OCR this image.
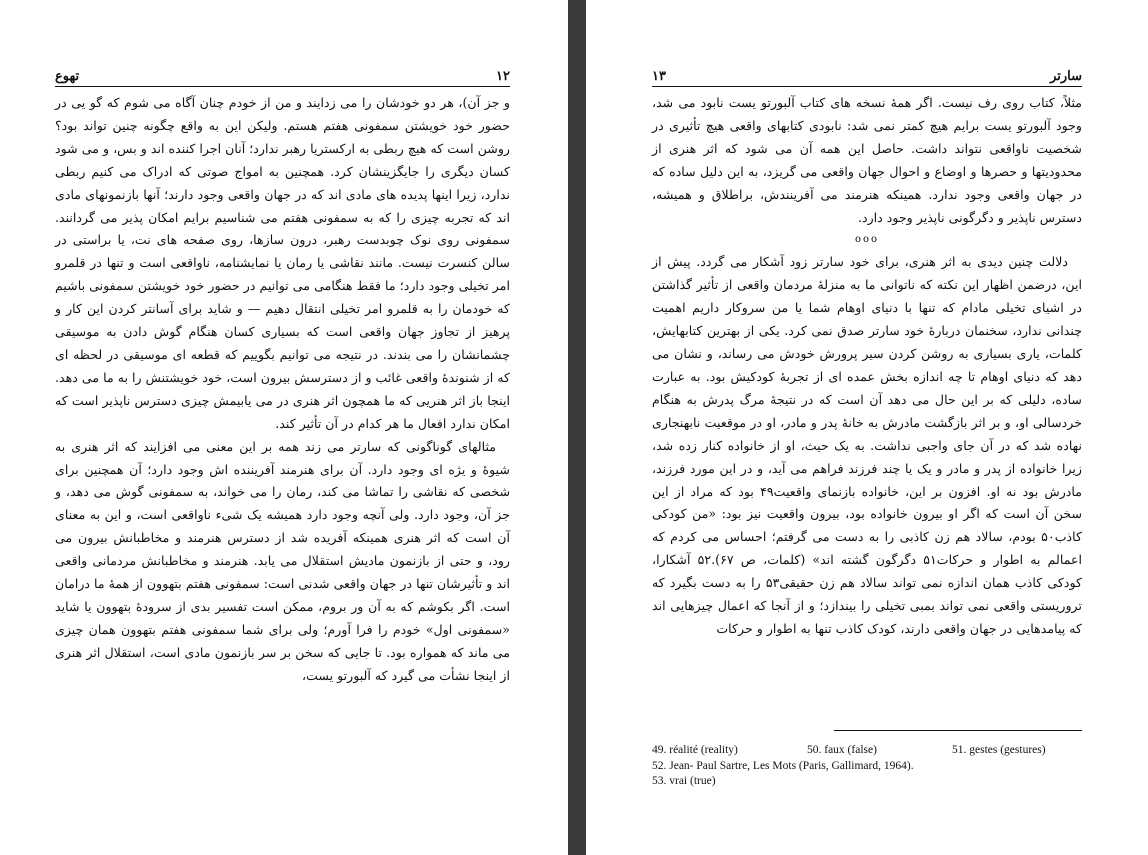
تهوع	۱۲

و جز آن)، هر دو خودشان را می زدایند و من از خودم چنان آگاه می شوم که گو یی در حضور خود خویشتن سمفونی هفتم هستم. ولیکن این به واقع چگونه چنین تواند بود؟ روشن است که هیچ ربطی به ارکستریا رهبر ندارد؛ آنان اجرا کننده اند و بس، و می شود کسان دیگری را جایگزینشان کرد. همچنین به امواج صوتی که ادراک می کنیم ربطی ندارد، زیرا اینها پدیده های مادی اند که در جهان واقعی وجود دارند؛ آنها بازنمونهای مادی اند که تجربه چیزی را که به سمفونی هفتم می شناسیم برایم امکان پذیر می گردانند. سمفونی روی نوک چوبدست رهبر، درون سازها، روی صفحه های نت، یا براستی در سالن کنسرت نیست. مانند نقاشی یا رمان یا نمایشنامه، ناواقعی است و تنها در قلمرو امر تخیلی وجود دارد؛ ما فقط هنگامی می توانیم در حضور خود خویشتن سمفونی باشیم که خودمان را به قلمرو امر تخیلی انتقال دهیم — و شاید برای آسانتر کردن این کار و پرهیز از تجاوز جهان واقعی است که بسیاری کسان هنگام گوش دادن به موسیقی چشمانشان را می بندند. در نتیجه می توانیم بگوییم که قطعه ای موسیقی در لحظه ای که از شنوندهٔ واقعی غائب و از دسترسش بیرون است، خود خویشتنش را به ما می دهد. اینجا باز اثر هنریی که ما همچون اثر هنری در می یابیمش چیزی دسترس ناپذیر است که امکان ندارد افعال ما هر کدام در آن تأثیر کند.

مثالهای گوناگونی که سارتر می زند همه بر این معنی می افزایند که اثر هنری به شیوهٔ و یژه ای وجود دارد. آن برای هنرمند آفریننده اش وجود دارد؛ آن همچنین برای شخصی که نقاشی را تماشا می کند، رمان را می خواند، به سمفونی گوش می دهد، و جز آن، وجود دارد. ولی آنچه وجود دارد همیشه یک شیء ناواقعی است، و این به معنای آن است که اثر هنری همینکه آفریده شد از دسترس هنرمند و مخاطبانش بیرون می رود، و حتی از بازنمون مادیش استقلال می یابد. هنرمند و مخاطبانش مردمانی واقعی اند و تأثیرشان تنها در جهان واقعی شدنی است: سمفونی هفتم بتهوون از همهٔ ما درامان است. اگر بکوشم که به آن ور بروم، ممکن است تفسیر بدی از سرودهٔ بتهوون یا شاید «سمفونی اول» خودم را فرا آورم؛ ولی برای شما سمفونی هفتم بتهوون همان چیزی می ماند که همواره بود. تا جایی که سخن بر سر بازنمون مادی است، استقلال اثر هنری از اینجا نشأت می گیرد که آلبورتو یست،

۱۳	سارتر

مثلاً، کتاب روی رف نیست. اگر همهٔ نسخه های کتاب آلبورتو یست نابود می شد، وجود آلبورتو یست برایم هیچ کمتر نمی شد: نابودی کتابهای واقعی هیچ تأثیری در شخصیت ناواقعی نتواند داشت. حاصل این همه آن می شود که اثر هنری از محدودیتها و حصرها و اوضاع و احوال جهان واقعی می گریزد، به این دلیل ساده که در جهان واقعی وجود ندارد. همینکه هنرمند می آفرینندش، براطلاق و همیشه، دسترس ناپذیر و دگرگونی ناپذیر وجود دارد.

ooo

دلالت چنین دیدی به اثر هنری، برای خود سارتر زود آشکار می گردد. پیش از این، درضمن اظهار این نکته که ناتوانی ما به منزلهٔ مردمان واقعی از تأثیر گذاشتن در اشیای تخیلی مادام که تنها با دنیای اوهام شما یا من سروکار داریم اهمیت چندانی ندارد، سخنمان دربارهٔ خود سارتر صدق نمی کرد. یکی از بهترین کتابهایش، کلمات، یاری بسیاری به روشن کردن سیر پرورش خودش می رساند، و نشان می دهد که دنیای اوهام تا چه اندازه بخش عمده ای از تجربهٔ کودکیش بود. به عبارت ساده، دلیلی که بر این حال می دهد آن است که در نتیجهٔ مرگ پدرش به هنگام خردسالی او، و بر اثر بازگشت مادرش به خانهٔ پدر و مادر، او در موقعیت نابهنجاری نهاده شد که در آن جای واجبی نداشت. به یک حیث، او از خانواده کنار زده شد، زیرا خانواده از پدر و مادر و یک یا چند فرزند فراهم می آید، و در این مورد فرزند، مادرش بود نه او. افزون بر این، خانواده بازنمای واقعیت۴۹ بود که مراد از این سخن آن است که اگر او بیرون خانواده بود، بیرون واقعیت نیز بود: «من کودکی کاذب۵۰ بودم، سالاد هم زن کاذبی را به دست می گرفتم؛ احساس می کردم که اعمالم به اطوار و حرکات۵۱ دگرگون گشته اند» (کلمات، ص ۶۷).۵۲ آشکارا، کودکی کاذب همان اندازه نمی تواند سالاد هم زن حقیقی۵۳ را به دست بگیرد که تروریستی واقعی نمی تواند بمبی تخیلی را بیندازد؛ و از آنجا که اعمال چیزهایی اند که پیامدهایی در جهان واقعی دارند، کودک کاذب تنها به اطوار و حرکات

49. réalité (reality)	50. faux (false)	51. gestes (gestures)
52. Jean- Paul Sartre, Les Mots (Paris, Gallimard, 1964).
53. vrai (true)
